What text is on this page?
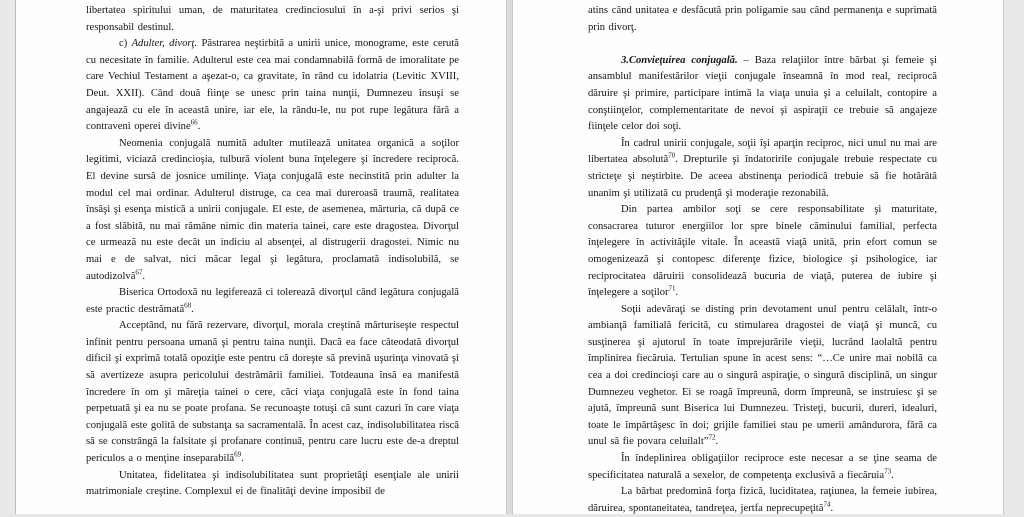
libertatea spiritului uman, de maturitatea credinciosului în a-şi privi serios şi responsabil destinul.

c) Adulter, divorţ. Păstrarea neştirbită a unirii unice, monograme, este cerută cu necesitate în familie. Adulterul este cea mai condamnabilă formă de imoralitate pe care Vechiul Testament a aşezat-o, ca gravitate, în rând cu idolatria (Levitic XVIII, Deut. XXII). Când două fiinţe se unesc prin taina nunţii, Dumnezeu însuşi se angajează cu ele în această unire, iar ele, la rându-le, nu pot rupe legătura fără a contraveni operei divine$^{66}$.

Neomenia conjugală numită adulter mutilează unitatea organică a soţilor legitimi, viciază credincioşia, tulbură violent buna înţelegere şi încredere reciprocă. El devine sursă de josnice umilinţe. Viaţa conjugală este necinstită prin adulter la modul cel mai ordinar. Adulterul distruge, ca cea mai dureroasă traumă, realitatea însăşi şi esenţa mistică a unirii conjugale. El este, de asemenea, mărturia, că după ce a fost slăbită, nu mai rămâne nimic din materia tainei, care este dragostea. Divorţul ce urmează nu este decât un indiciu al absenţei, al distrugerii dragostei. Nimic nu mai e de salvat, nici măcar legal şi legătura, proclamată indisolubilă, se autodizolvă$^{67}$.

Biserica Ortodoxă nu legiferează ci tolerează divorţul când legătura conjugală este practic destrămată$^{68}$.

Acceptând, nu fără rezervare, divorţul, morala creştină mărturiseşte respectul infinit pentru persoana umană şi pentru taina nunţii. Dacă ea face câteodată divorţul dificil şi exprimă totală opoziţie este pentru că doreşte să prevină uşurinţa vinovată şi să avertizeze asupra pericolului destrămării familiei. Totdeauna însă ea manifestă încredere în om şi măreţia tainei o cere, căci viaţa conjugală este în fond taina perpetuată şi ea nu se poate profana. Se recunoaşte totuşi că sunt cazuri în care viaţa conjugală este golită de substanţa sa sacramentală. În acest caz, indisolubilitatea riscă să se constrângă la falsitate şi profanare continuă, pentru care lucru este de-a dreptul periculos a o menţine inseparabilă$^{69}$.

Unitatea, fidelitatea şi indisolubilitatea sunt proprietăţi esenţiale ale unirii matrimoniale creştine. Complexul ei de finalităţi devine imposibil de

atins când unitatea e desfăcută prin poligamie sau când permanenţa e suprimată prin divorţ.

3.Convieţuirea conjugală. – Baza relaţiilor între bărbat şi femeie şi ansamblul manifestărilor vieţii conjugale înseamnă în mod real, reciprocă dăruire şi primire, participare intimă la viaţa unuia şi a celuilalt, contopire a conştiinţelor, complementaritate de nevoi şi aspiraţii ce trebuie să angajeze fiinţele celor doi soţi.

În cadrul unirii conjugale, soţii îşi aparţin reciproc, nici unul nu mai are libertatea absolută$^{70}$. Drepturile şi îndatoririle conjugale trebuie respectate cu stricteţe şi neştirbite. De aceea abstinenţa periodică trebuie să fie hotărâtă unanim şi utilizată cu prudenţă şi moderaţie rezonabilă.

Din partea ambilor soţi se cere responsabilitate şi maturitate, consacrarea tuturor energiilor lor spre binele căminului familial, perfecta înţelegere în activităţile vitale. În această viaţă unită, prin efort comun se omogenizează şi contopesc diferenţe fizice, biologice şi psihologice, iar reciprocitatea dăruirii consolidează bucuria de viaţă, puterea de iubire şi înţelegere a soţilor$^{71}$.

Soţii adevăraţi se disting prin devotament unul pentru celălalt, într-o ambianţă familială fericită, cu stimularea dragostei de viaţă şi muncă, cu susţinerea şi ajutorul în toate împrejurările vieţii, lucrând laolaltă pentru împlinirea fiecăruia. Tertulian spune în acest sens: “…Ce unire mai nobilă ca cea a doi credincioşi care au o singură aspiraţie, o singură disciplină, un singur Dumnezeu veghetor. Ei se roagă împreună, dorm împreună, se instruiesc şi se ajută, împreună sunt Biserica lui Dumnezeu. Tristeţi, bucurii, dureri, idealuri, toate le împărtăşesc în doi; grijile familiei stau pe umerii amândurora, fără ca unul să fie povara celuilalt”$^{72}$.

În îndeplinirea obligaţiilor reciproce este necesar a se ţine seama de specificitatea naturală a sexelor, de competenţa exclusivă a fiecăruia$^{73}$.

La bărbat predomină forţa fizică, luciditatea, raţiunea, la femeie iubirea, dăruirea, spontaneitatea, tandreţea, jertfa neprecupeţită$^{74}$.
